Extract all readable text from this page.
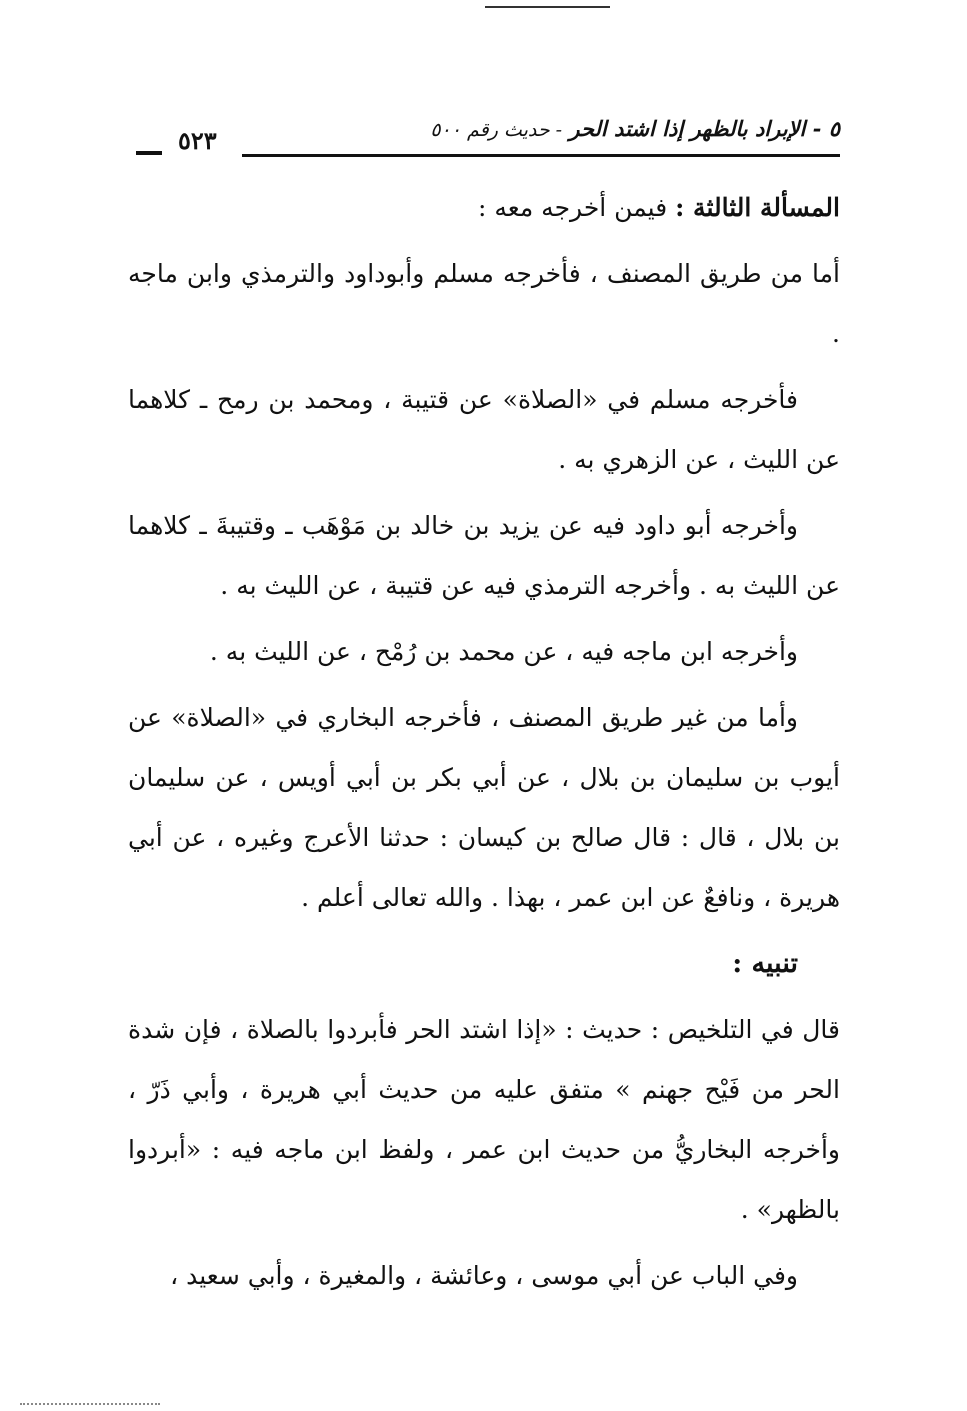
٥٢٣	٥ - الإبراد بالظهر إذا اشتد الحر - حديث رقم ٥٠٠

المسألة الثالثة : فيمن أخرجه معه :

أما من طريق المصنف ، فأخرجه مسلم وأبوداود والترمذي وابن ماجه .

فأخرجه مسلم في «الصلاة» عن قتيبة ، ومحمد بن رمح ـ كلاهما عن الليث ، عن الزهري به .

وأخرجه أبو داود فيه عن يزيد بن خالد بن مَوْهَب ـ وقتيبةَ ـ كلاهما عن الليث به . وأخرجه الترمذي فيه عن قتيبة ، عن الليث به .

وأخرجه ابن ماجه فيه ، عن محمد بن رُمْح ، عن الليث به .

وأما من غير طريق المصنف ، فأخرجه البخاري في «الصلاة» عن أيوب بن سليمان بن بلال ، عن أبي بكر بن أبي أويس ، عن سليمان بن بلال ، قال : قال صالح بن كيسان : حدثنا الأعرج وغيره ، عن أبي هريرة ، ونافعٌ عن ابن عمر ، بهذا . والله تعالى أعلم .

تنبيه :

قال في التلخيص : حديث : «إذا اشتد الحر فأبردوا بالصلاة ، فإن شدة الحر من فَيْح جهنم » متفق عليه من حديث أبي هريرة ، وأبي ذَرّ ، وأخرجه البخاريُّ من حديث ابن عمر ، ولفظ ابن ماجه فيه : «أبردوا بالظهر» .

وفي الباب عن أبي موسى ، وعائشة ، والمغيرة ، وأبي سعيد ،
